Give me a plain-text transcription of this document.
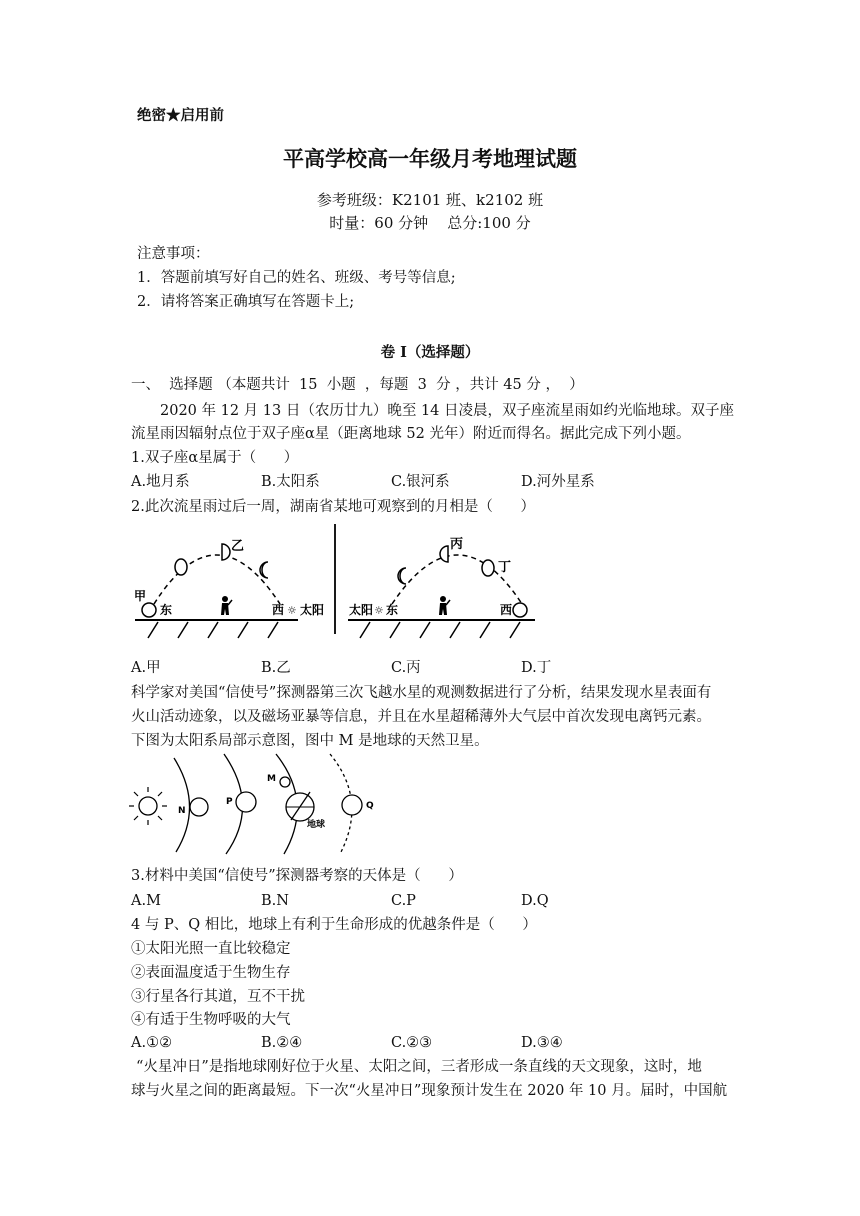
绝密★启用前
平高学校高一年级月考地理试题
参考班级：K2101 班、k2102 班
时量：60 分钟    总分:100 分
注意事项：
1．答题前填写好自己的姓名、班级、考号等信息;
2．请将答案正确填写在答题卡上;
卷 I（选择题）
一、  选择题 （本题共计  15  小题  ，每题  3  分 ，共计 45 分 ，  ）
2020 年 12 月 13 日（农历廿九）晚至 14 日凌晨，双子座流星雨如约光临地球。双子座
流星雨因辐射点位于双子座α星（距离地球 52 光年）附近而得名。据此完成下列小题。
1.双子座α星属于（      ）
A.地月系	B.太阳系	C.银河系	D.河外星系
2.此次流星雨过后一周，湖南省某地可观察到的月相是（      ）
甲
东
乙
西 ☼ 太阳 太阳 ☼ 东
丙
丁
西
A.甲	B.乙	C.丙	D.丁
科学家对美国“信使号”探测器第三次飞越水星的观测数据进行了分析，结果发现水星表面有
火山活动迹象，以及磁场亚暴等信息，并且在水星超稀薄外大气层中首次发现电离钙元素。
下图为太阳系局部示意图，图中 M 是地球的天然卫星。
N
P
M
地球
Q
3.材料中美国“信使号”探测器考察的天体是（      ）
A.M	B.N	C.P	D.Q
4 与 P、Q 相比，地球上有利于生命形成的优越条件是（      ）
①太阳光照一直比较稳定
②表面温度适于生物生存
③行星各行其道，互不干扰
④有适于生物呼吸的大气
A.①②	B.②④	C.②③	D.③④
“火星冲日”是指地球刚好位于火星、太阳之间，三者形成一条直线的天文现象，这时，地
球与火星之间的距离最短。下一次“火星冲日”现象预计发生在 2020 年 10 月。届时，中国航
